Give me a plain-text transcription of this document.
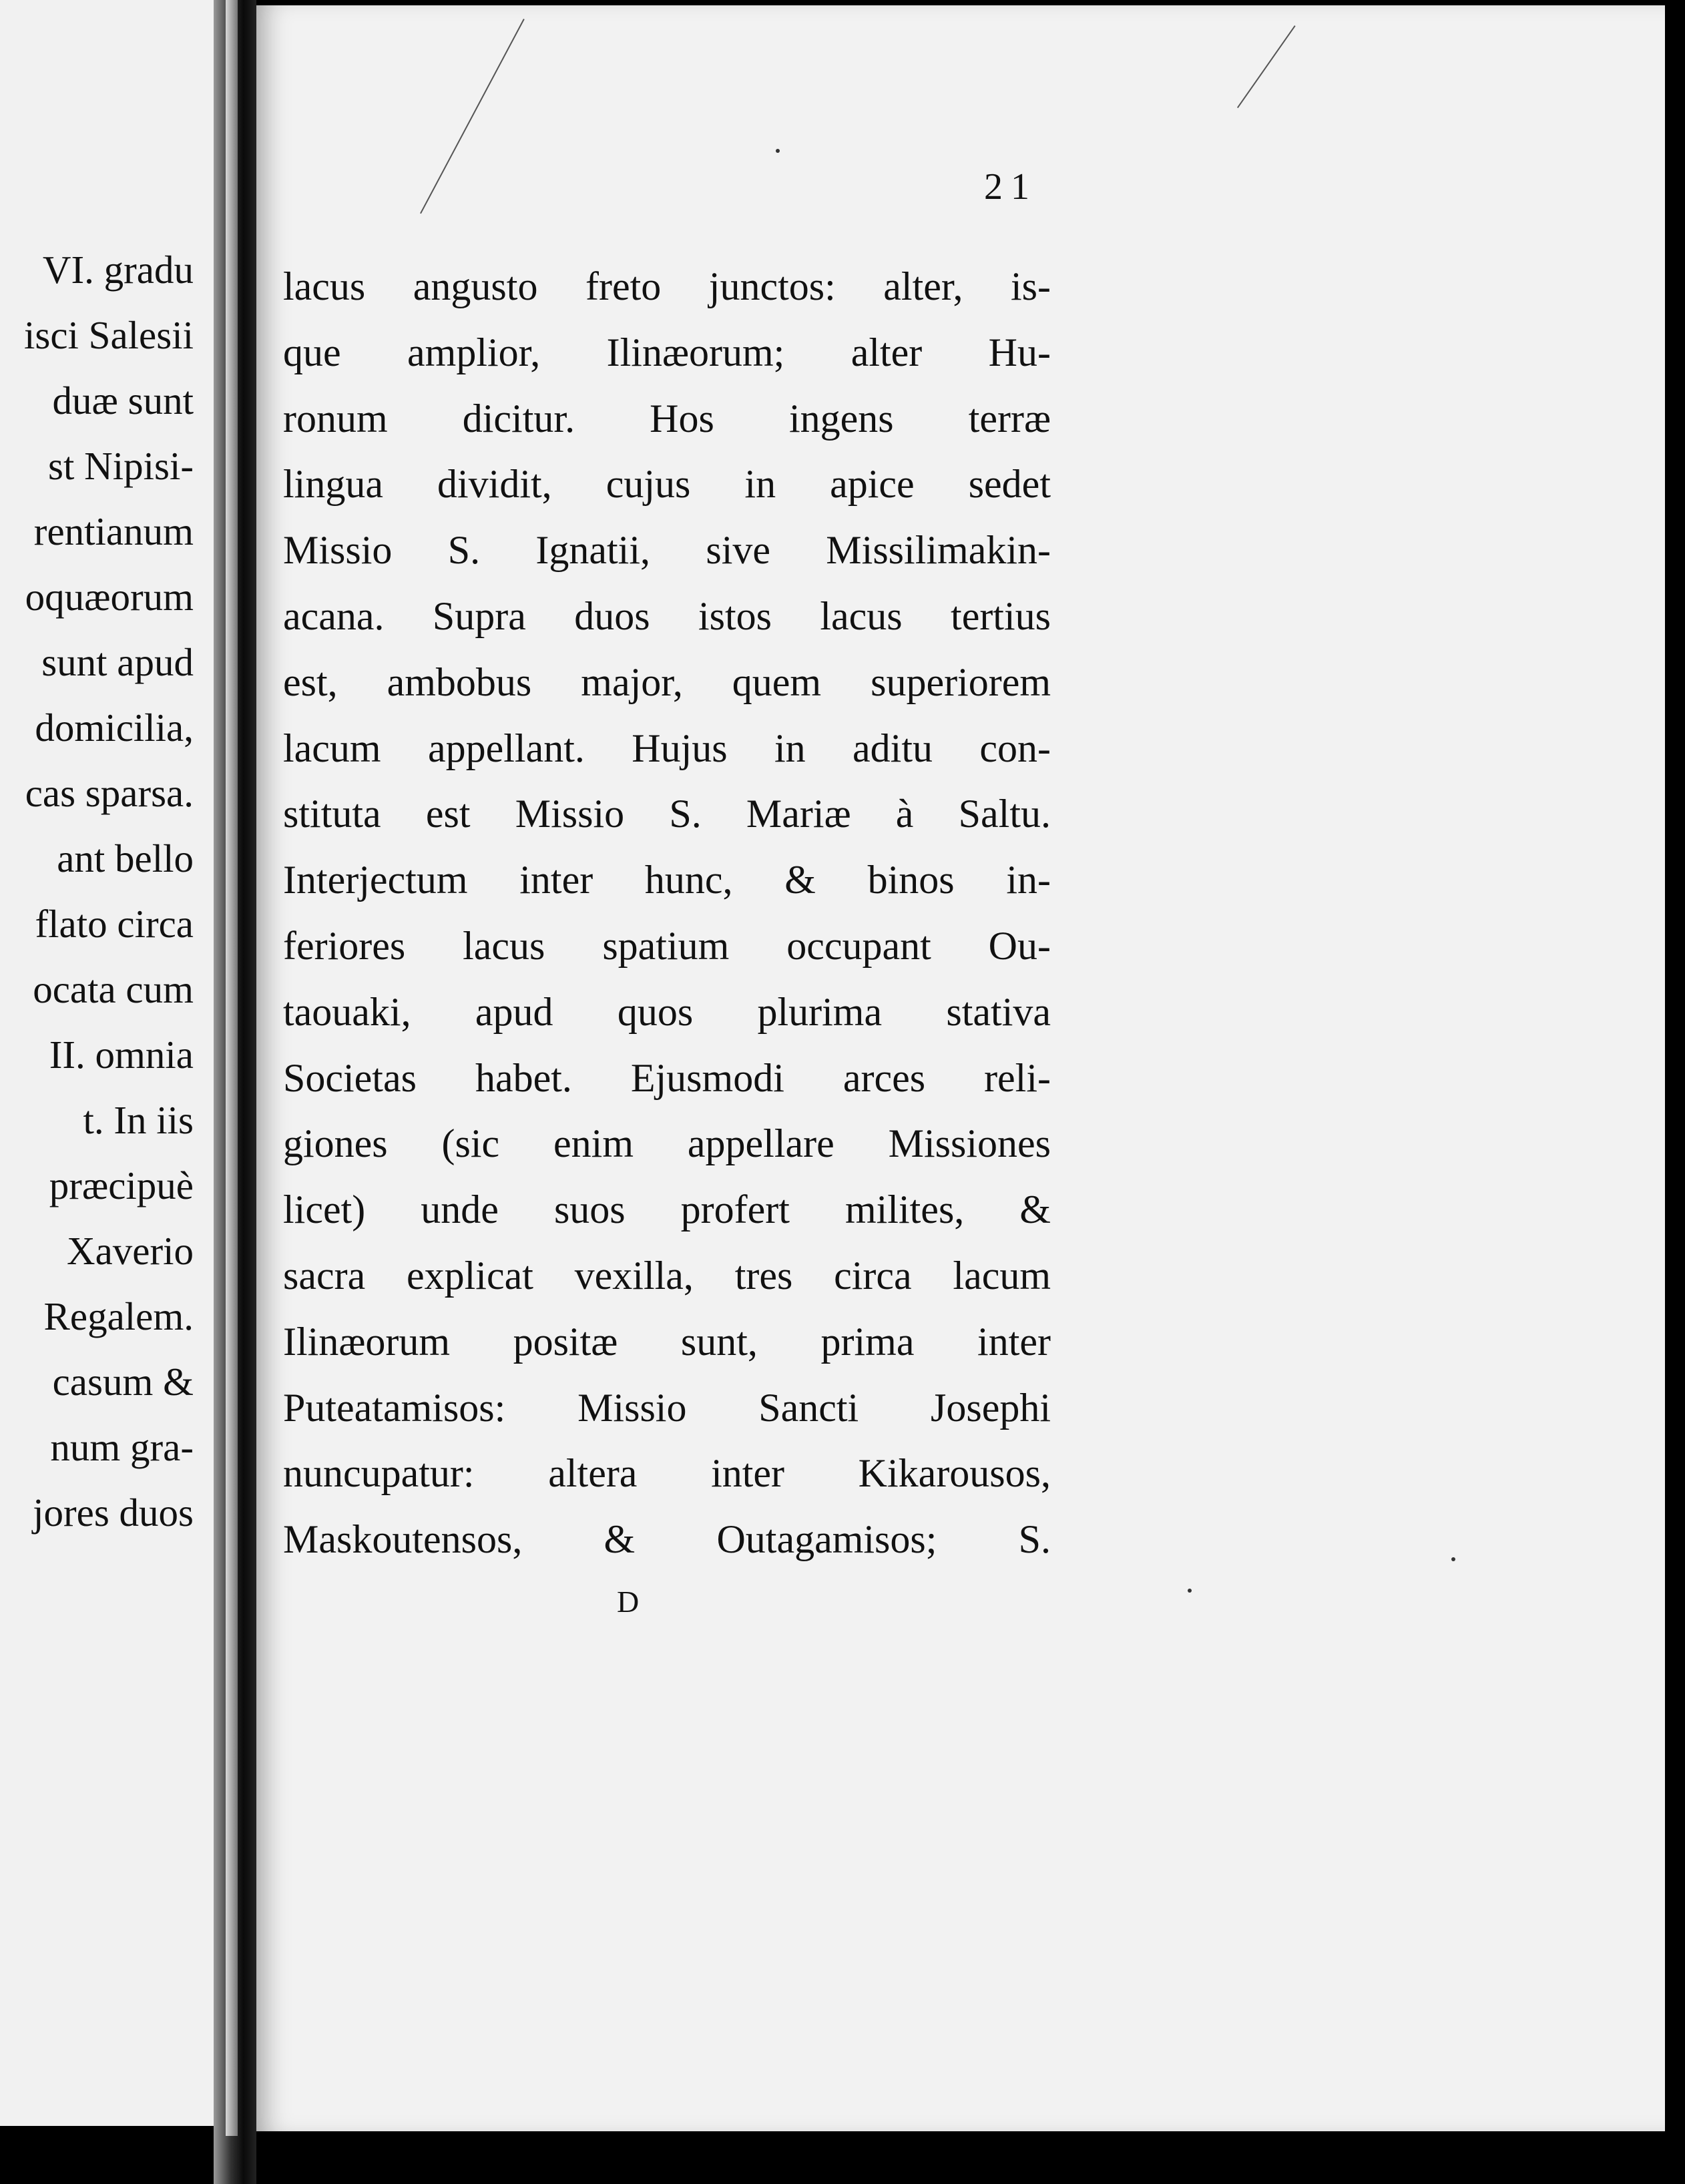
VI. gradu
isci Salesii
duæ sunt
st Nipisi-
rentianum
oquæorum
sunt apud
domicilia,
cas sparsa.
ant bello
flato circa
ocata cum
II. omnia
t. In iis
præcipuè
Xaverio
Regalem.
casum &
num gra-
jores duos
21
lacus angusto freto junctos: alter, is-
que amplior, Ilinæorum; alter Hu-
ronum dicitur. Hos ingens terræ
lingua dividit, cujus in apice sedet
Missio S. Ignatii, sive Missilimakin-
acana. Supra duos istos lacus tertius
est, ambobus major, quem superiorem
lacum appellant. Hujus in aditu con-
stituta est Missio S. Mariæ à Saltu.
Interjectum inter hunc, & binos in-
feriores lacus spatium occupant Ou-
taouaki, apud quos plurima stativa
Societas habet. Ejusmodi arces reli-
giones (sic enim appellare Missiones
licet) unde suos profert milites, &
sacra explicat vexilla, tres circa lacum
Ilinæorum positæ sunt, prima inter
Puteatamisos: Missio Sancti Josephi
nuncupatur: altera inter Kikarousos,
Maskoutensos, & Outagamisos; S.
D
